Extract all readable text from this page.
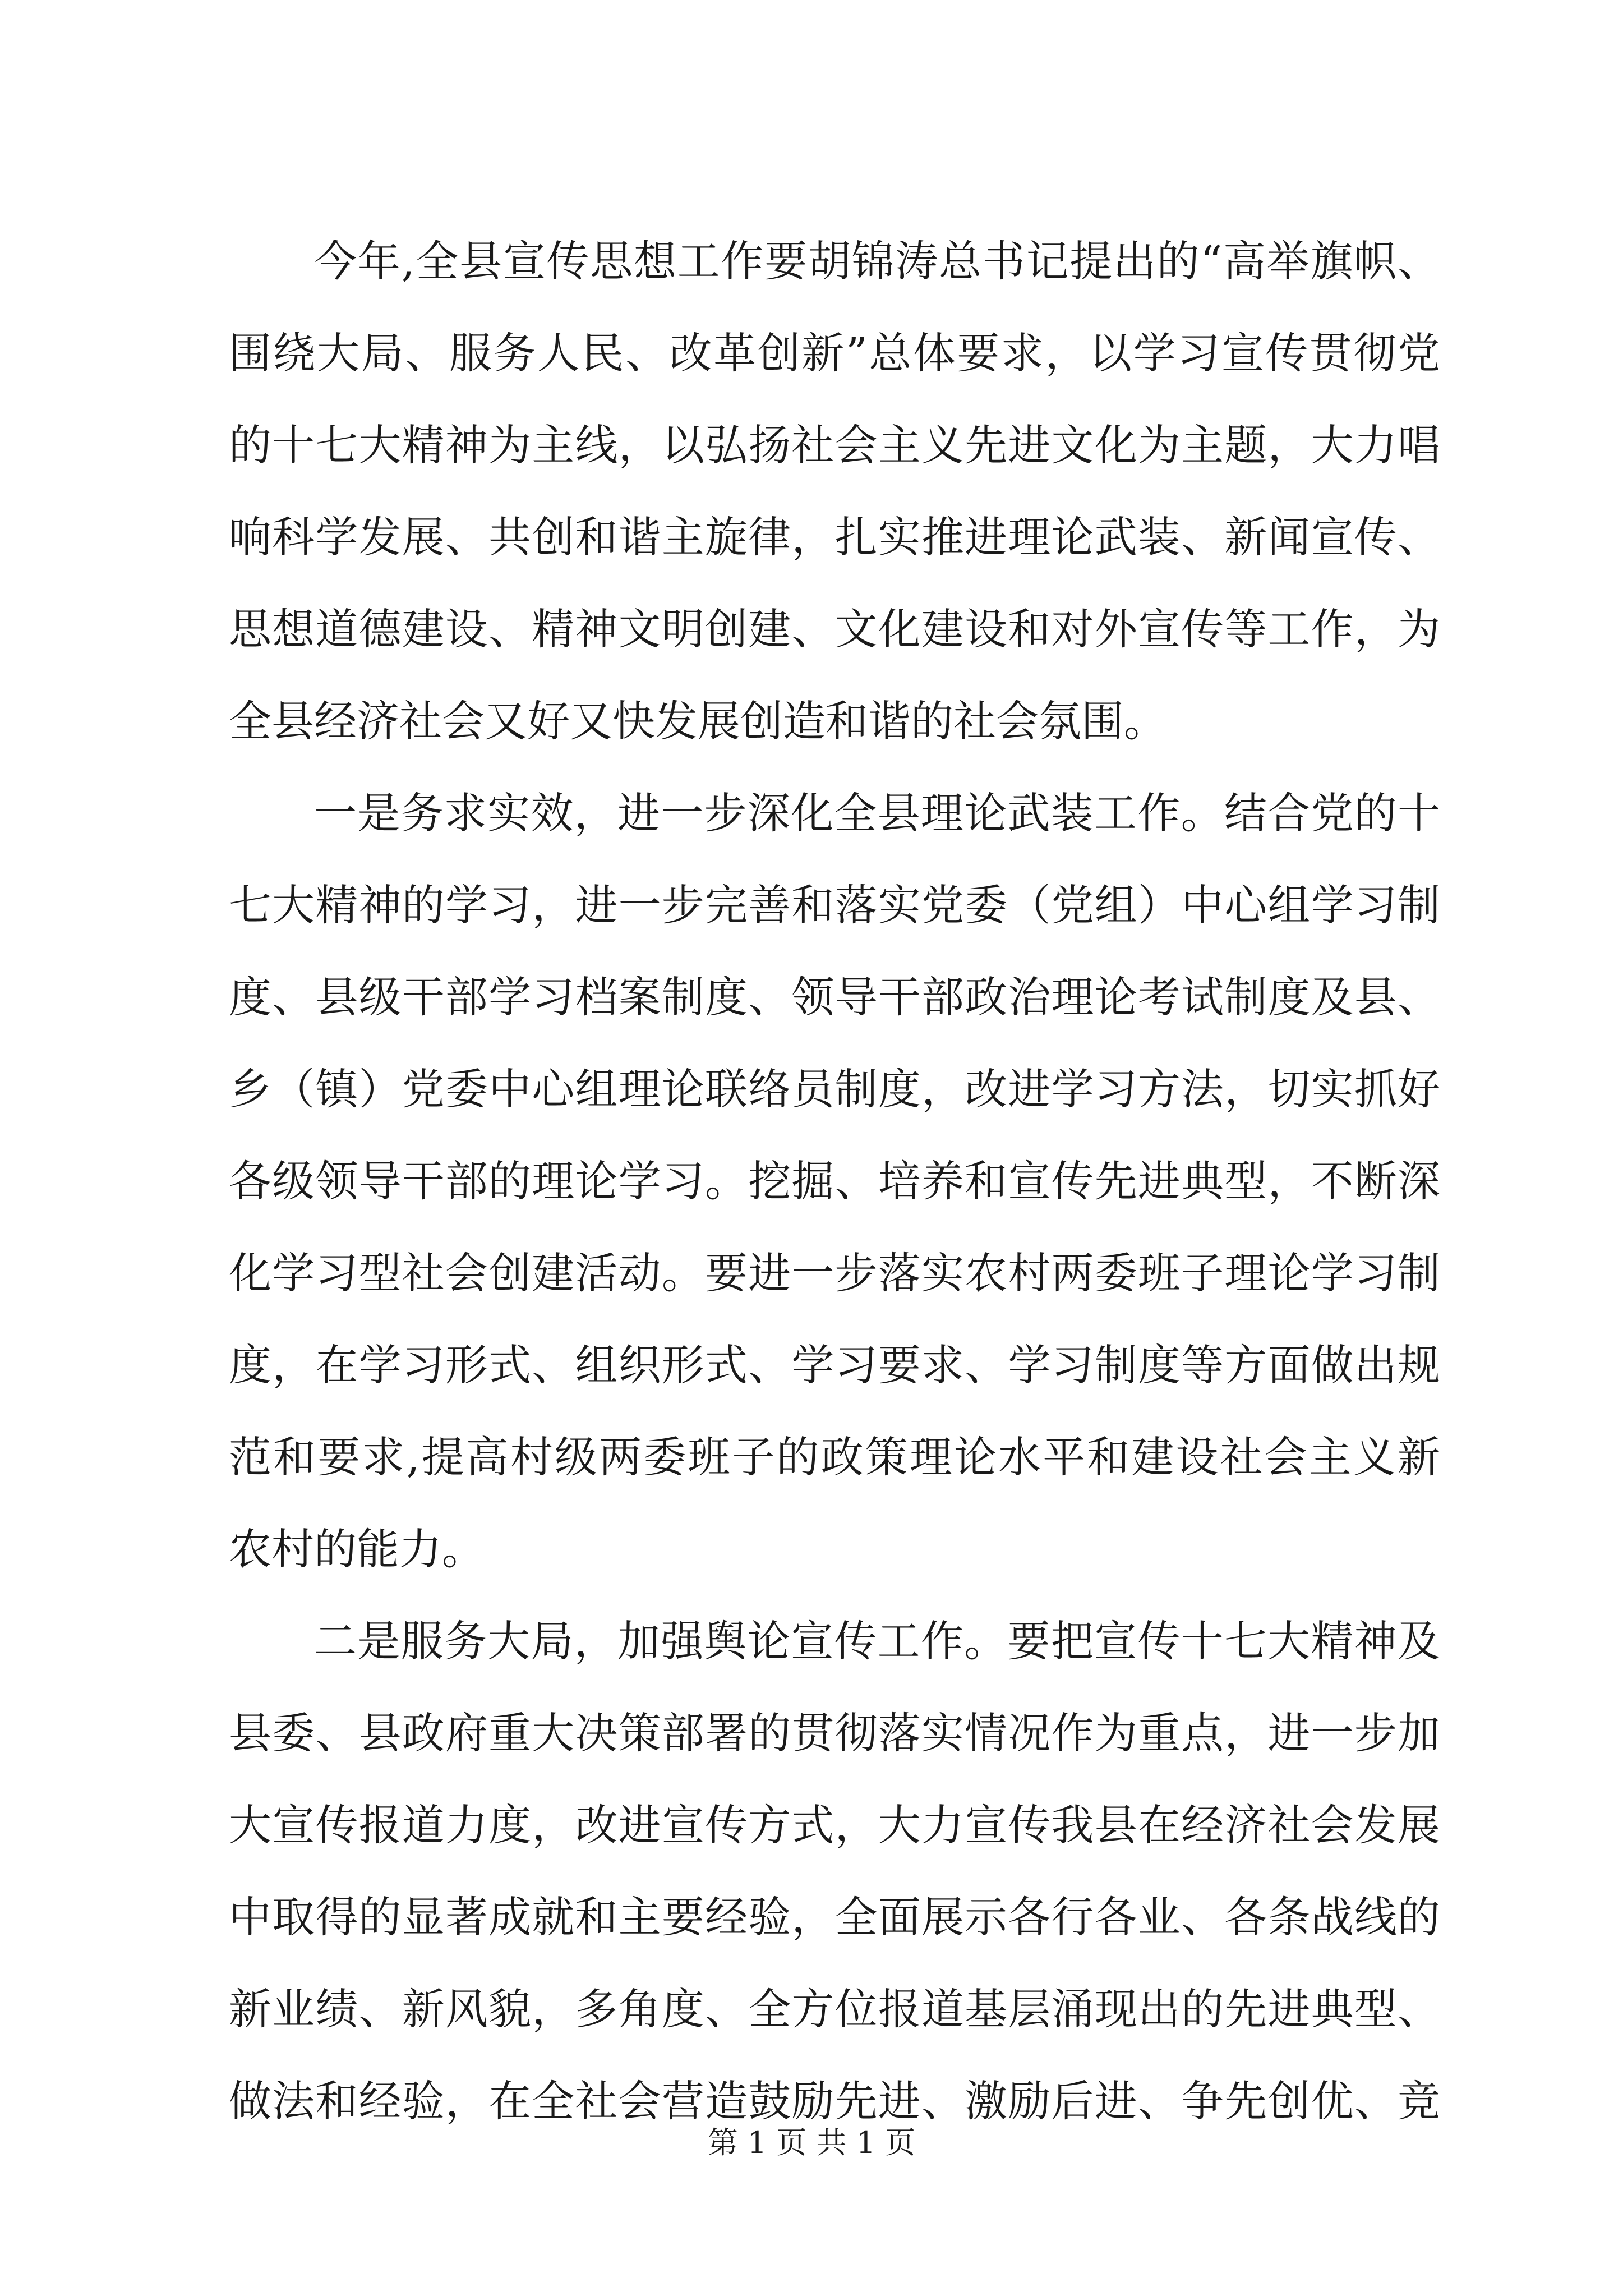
今年,全县宣传思想工作要胡锦涛总书记提出的“高举旗帜、
围绕大局、服务人民、改革创新”总体要求，以学习宣传贯彻党
的十七大精神为主线，以弘扬社会主义先进文化为主题，大力唱
响科学发展、共创和谐主旋律，扎实推进理论武装、新闻宣传、
思想道德建设、精神文明创建、文化建设和对外宣传等工作，为
全县经济社会又好又快发展创造和谐的社会氛围。
一是务求实效，进一步深化全县理论武装工作。结合党的十
七大精神的学习，进一步完善和落实党委（党组）中心组学习制
度、县级干部学习档案制度、领导干部政治理论考试制度及县、
乡（镇）党委中心组理论联络员制度，改进学习方法，切实抓好
各级领导干部的理论学习。挖掘、培养和宣传先进典型，不断深
化学习型社会创建活动。要进一步落实农村两委班子理论学习制
度，在学习形式、组织形式、学习要求、学习制度等方面做出规
范和要求,提高村级两委班子的政策理论水平和建设社会主义新
农村的能力。
二是服务大局，加强舆论宣传工作。要把宣传十七大精神及
县委、县政府重大决策部署的贯彻落实情况作为重点，进一步加
大宣传报道力度，改进宣传方式，大力宣传我县在经济社会发展
中取得的显著成就和主要经验，全面展示各行各业、各条战线的
新业绩、新风貌，多角度、全方位报道基层涌现出的先进典型、
做法和经验，在全社会营造鼓励先进、激励后进、争先创优、竞
第 1 页 共 1 页
